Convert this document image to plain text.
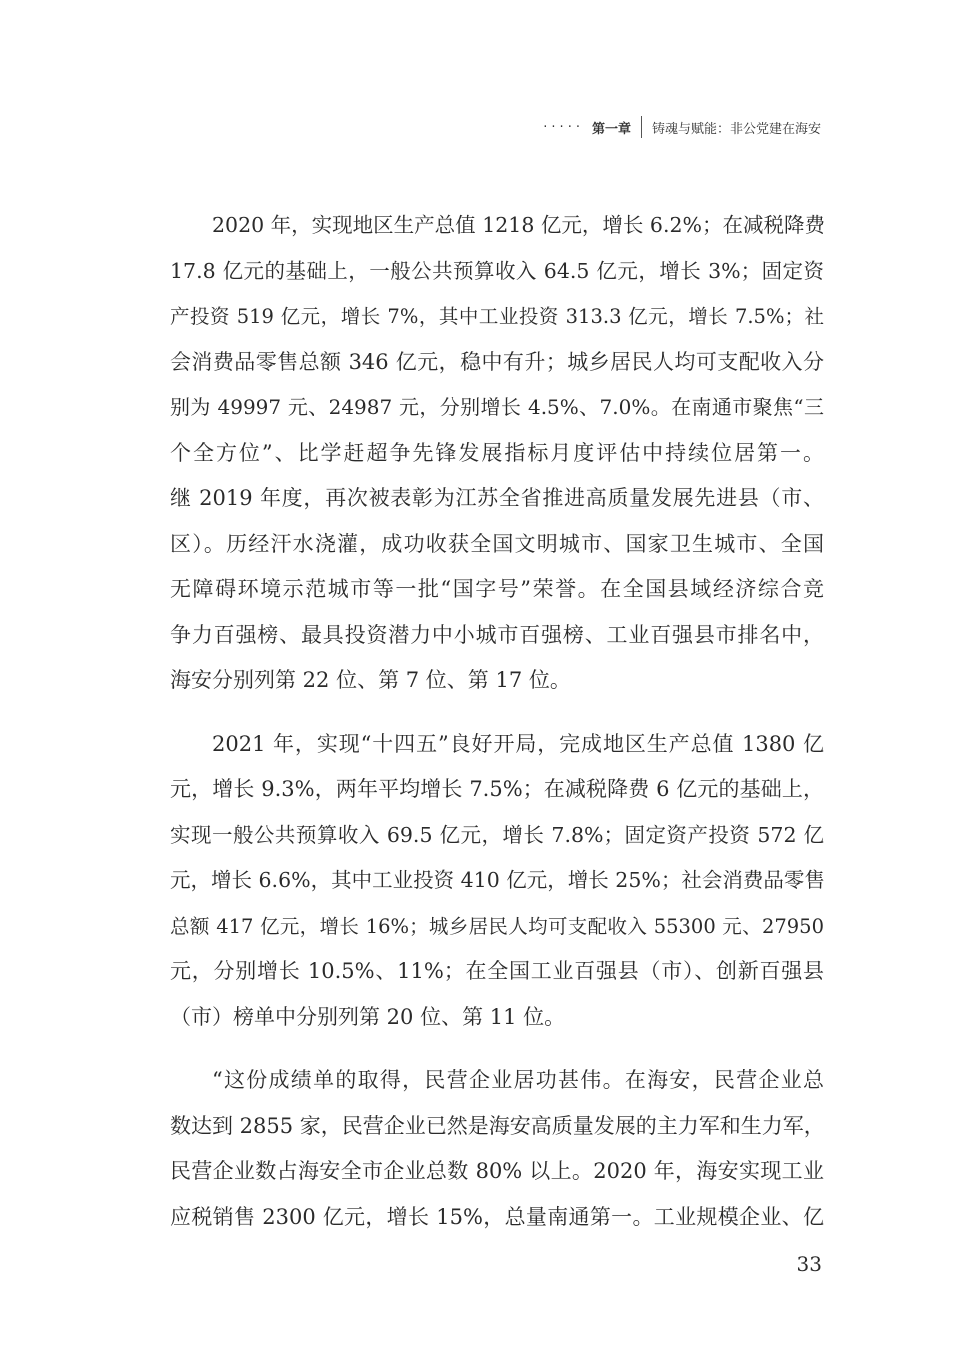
····· 第一章 铸魂与赋能：非公党建在海安
2020 年，实现地区生产总值 1218 亿元，增长 6.2%；在减税降费
17.8 亿元的基础上，一般公共预算收入 64.5 亿元，增长 3%；固定资
产投资 519 亿元，增长 7%，其中工业投资 313.3 亿元，增长 7.5%；社
会消费品零售总额 346 亿元，稳中有升；城乡居民人均可支配收入分
别为 49997 元、24987 元，分别增长 4.5%、7.0%。在南通市聚焦“三
个全方位”、比学赶超争先锋发展指标月度评估中持续位居第一。
继 2019 年度，再次被表彰为江苏全省推进高质量发展先进县（市、
区）。历经汗水浇灌，成功收获全国文明城市、国家卫生城市、全国
无障碍环境示范城市等一批“国字号”荣誉。在全国县域经济综合竞
争力百强榜、最具投资潜力中小城市百强榜、工业百强县市排名中，
海安分别列第 22 位、第 7 位、第 17 位。
2021 年，实现“十四五”良好开局，完成地区生产总值 1380 亿
元，增长 9.3%，两年平均增长 7.5%；在减税降费 6 亿元的基础上，
实现一般公共预算收入 69.5 亿元，增长 7.8%；固定资产投资 572 亿
元，增长 6.6%，其中工业投资 410 亿元，增长 25%；社会消费品零售
总额 417 亿元，增长 16%；城乡居民人均可支配收入 55300 元、27950
元，分别增长 10.5%、11%；在全国工业百强县（市）、创新百强县
（市）榜单中分别列第 20 位、第 11 位。
“这份成绩单的取得，民营企业居功甚伟。在海安，民营企业总
数达到 2855 家，民营企业已然是海安高质量发展的主力军和生力军，
民营企业数占海安全市企业总数 80% 以上。2020 年，海安实现工业
应税销售 2300 亿元，增长 15%，总量南通第一。工业规模企业、亿
33
